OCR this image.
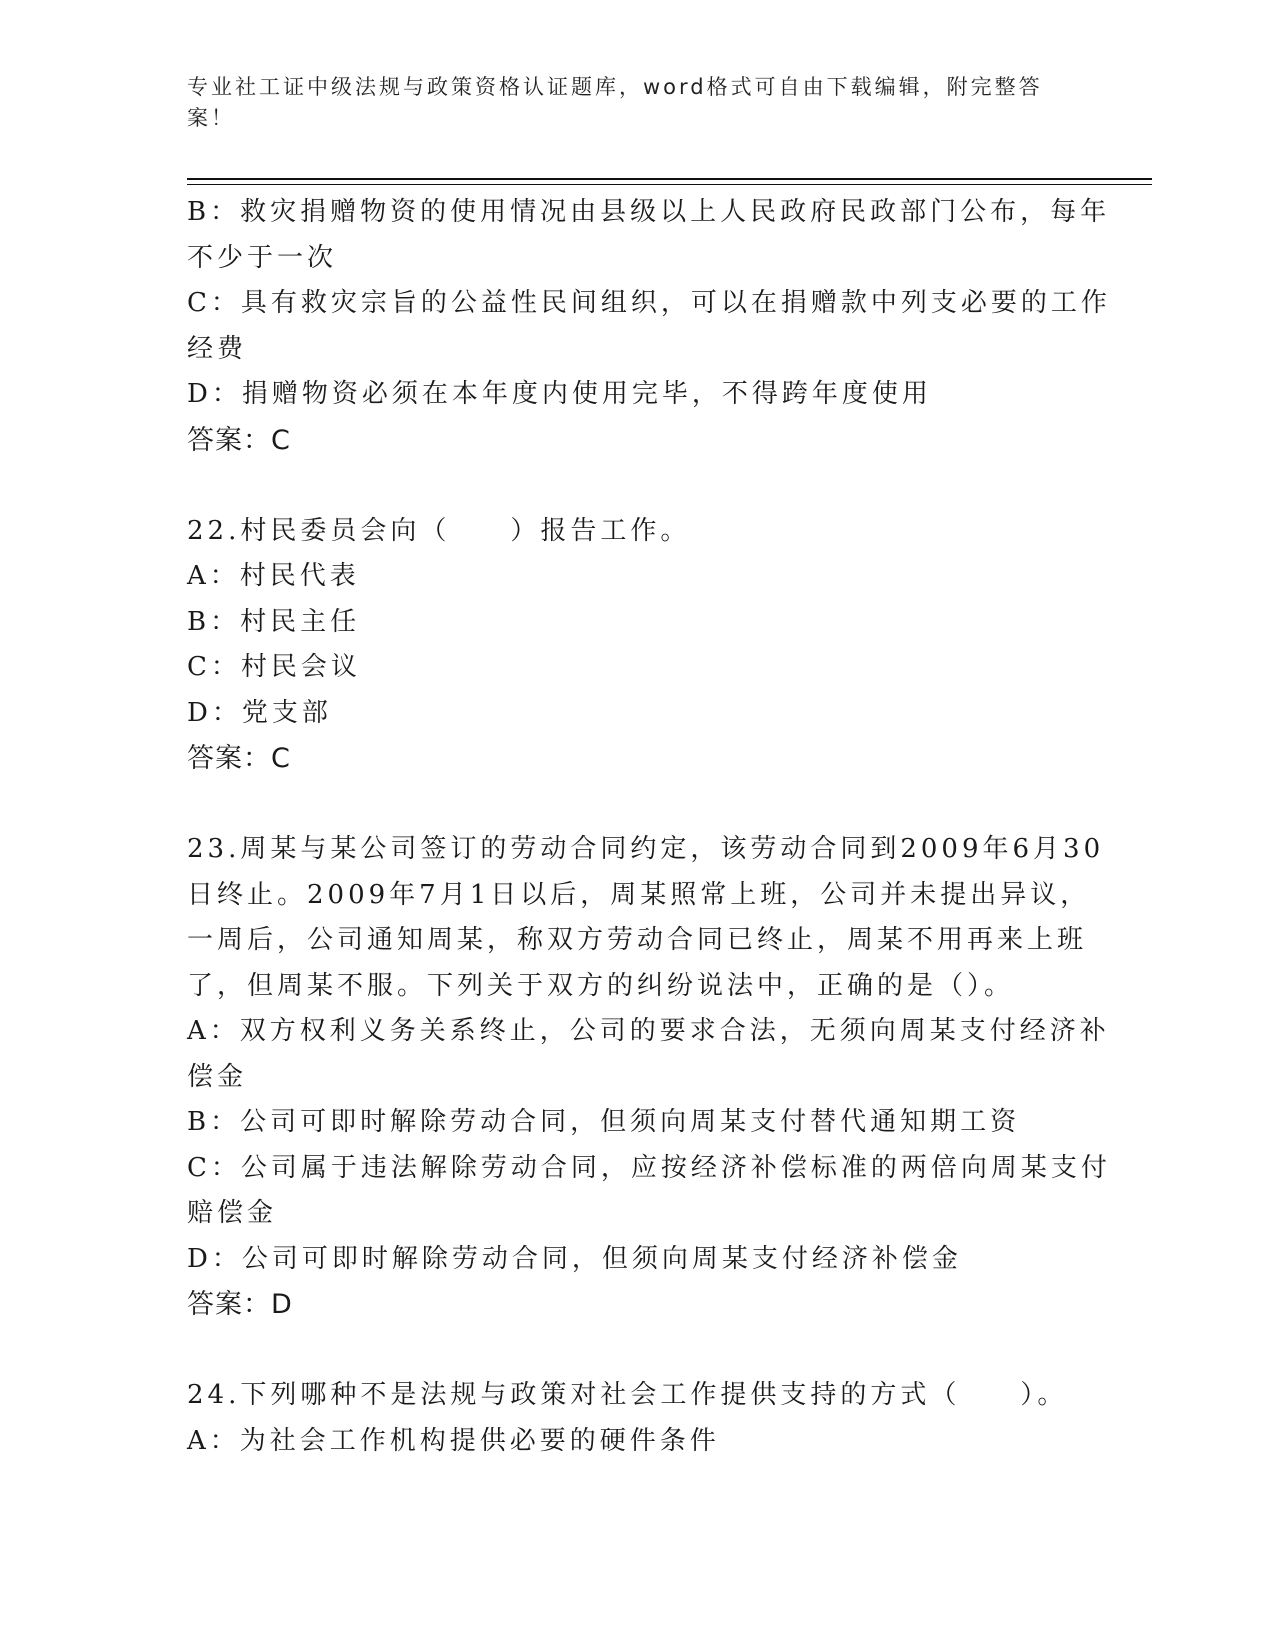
专业社工证中级法规与政策资格认证题库，word格式可自由下载编辑，附完整答
案！

B：救灾捐赠物资的使用情况由县级以上人民政府民政部门公布，每年

不少于一次

C：具有救灾宗旨的公益性民间组织，可以在捐赠款中列支必要的工作

经费

D：捐赠物资必须在本年度内使用完毕，不得跨年度使用

答案：C

22.村民委员会向（　　）报告工作。

A：村民代表

B：村民主任

C：村民会议

D：党支部

答案：C

23.周某与某公司签订的劳动合同约定，该劳动合同到2009年6月30

日终止。2009年7月1日以后，周某照常上班，公司并未提出异议，

一周后，公司通知周某，称双方劳动合同已终止，周某不用再来上班

了，但周某不服。下列关于双方的纠纷说法中，正确的是（）。

A：双方权利义务关系终止，公司的要求合法，无须向周某支付经济补

偿金

B：公司可即时解除劳动合同，但须向周某支付替代通知期工资

C：公司属于违法解除劳动合同，应按经济补偿标准的两倍向周某支付

赔偿金

D：公司可即时解除劳动合同，但须向周某支付经济补偿金

答案：D

24.下列哪种不是法规与政策对社会工作提供支持的方式（　　）。

A：为社会工作机构提供必要的硬件条件
